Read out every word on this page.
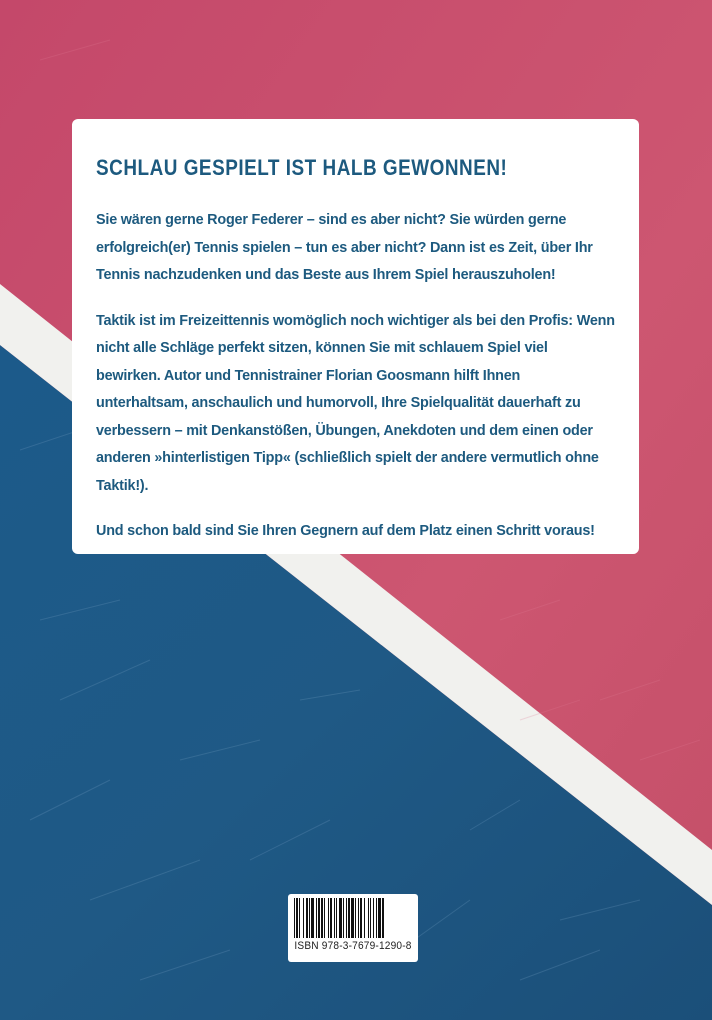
SCHLAU GESPIELT IST HALB GEWONNEN!

Sie wären gerne Roger Federer – sind es aber nicht? Sie würden gerne erfolgreich(er) Tennis spielen – tun es aber nicht? Dann ist es Zeit, über Ihr Tennis nachzudenken und das Beste aus Ihrem Spiel herauszuholen!

Taktik ist im Freizeittennis womöglich noch wichtiger als bei den Profis: Wenn nicht alle Schläge perfekt sitzen, können Sie mit schlauem Spiel viel bewirken. Autor und Tennistrainer Florian Goosmann hilft Ihnen unterhaltsam, anschaulich und humorvoll, Ihre Spielqualität dauerhaft zu verbessern – mit Denkanstößen, Übungen, Anekdoten und dem einen oder anderen »hinterlistigen Tipp« (schließlich spielt der andere vermutlich ohne Taktik!).

Und schon bald sind Sie Ihren Gegnern auf dem Platz einen Schritt voraus!

ISBN 978-3-7679-1290-8
